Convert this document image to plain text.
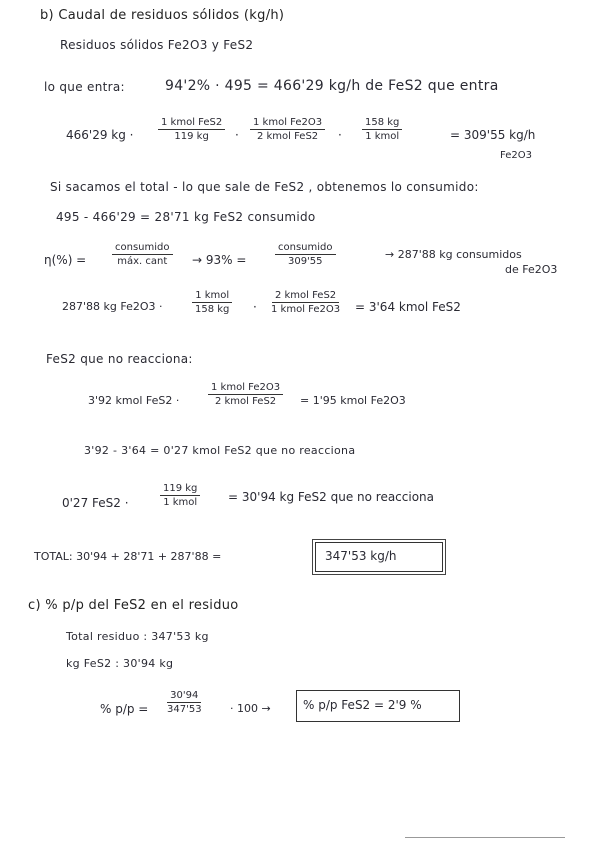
b) Caudal de residuos sólidos (kg/h)
Residuos sólidos Fe2O3 y FeS2
lo que entra:	94'2% · 495 = 466'29 kg/h de FeS2 que entra
466'29 kg ·
1 kmol FeS2
119 kg ·
1 kmol Fe2O3
2 kmol FeS2 ·
158 kg
1 kmol	= 309'55 kg/h
Fe2O3
Si sacamos el total - lo que sale de FeS2 , obtenemos lo consumido:
495 - 466'29 = 28'71 kg FeS2 consumido
η(%) =
consumido
máx. cant → 93% =
consumido
309'55
→ 287'88 kg consumidos
de Fe2O3
287'88 kg Fe2O3 ·
1 kmol
158 kg ·
2 kmol FeS2
1 kmol Fe2O3 = 3'64 kmol FeS2
FeS2 que no reacciona:
3'92 kmol FeS2 ·
1 kmol Fe2O3
2 kmol FeS2 = 1'95 kmol Fe2O3
3'92 - 3'64 = 0'27 kmol FeS2 que no reacciona
0'27 FeS2 ·
119 kg
1 kmol	= 30'94 kg FeS2 que no reacciona
TOTAL: 30'94 + 28'71 + 287'88 =	347'53 kg/h
c) % p/p del FeS2 en el residuo
Total residuo : 347'53 kg
kg FeS2 : 30'94 kg
% $p/p = \frac{30'94}{347'53} \cdot 100$ →	% p/p FeS2 = 2'9 %
